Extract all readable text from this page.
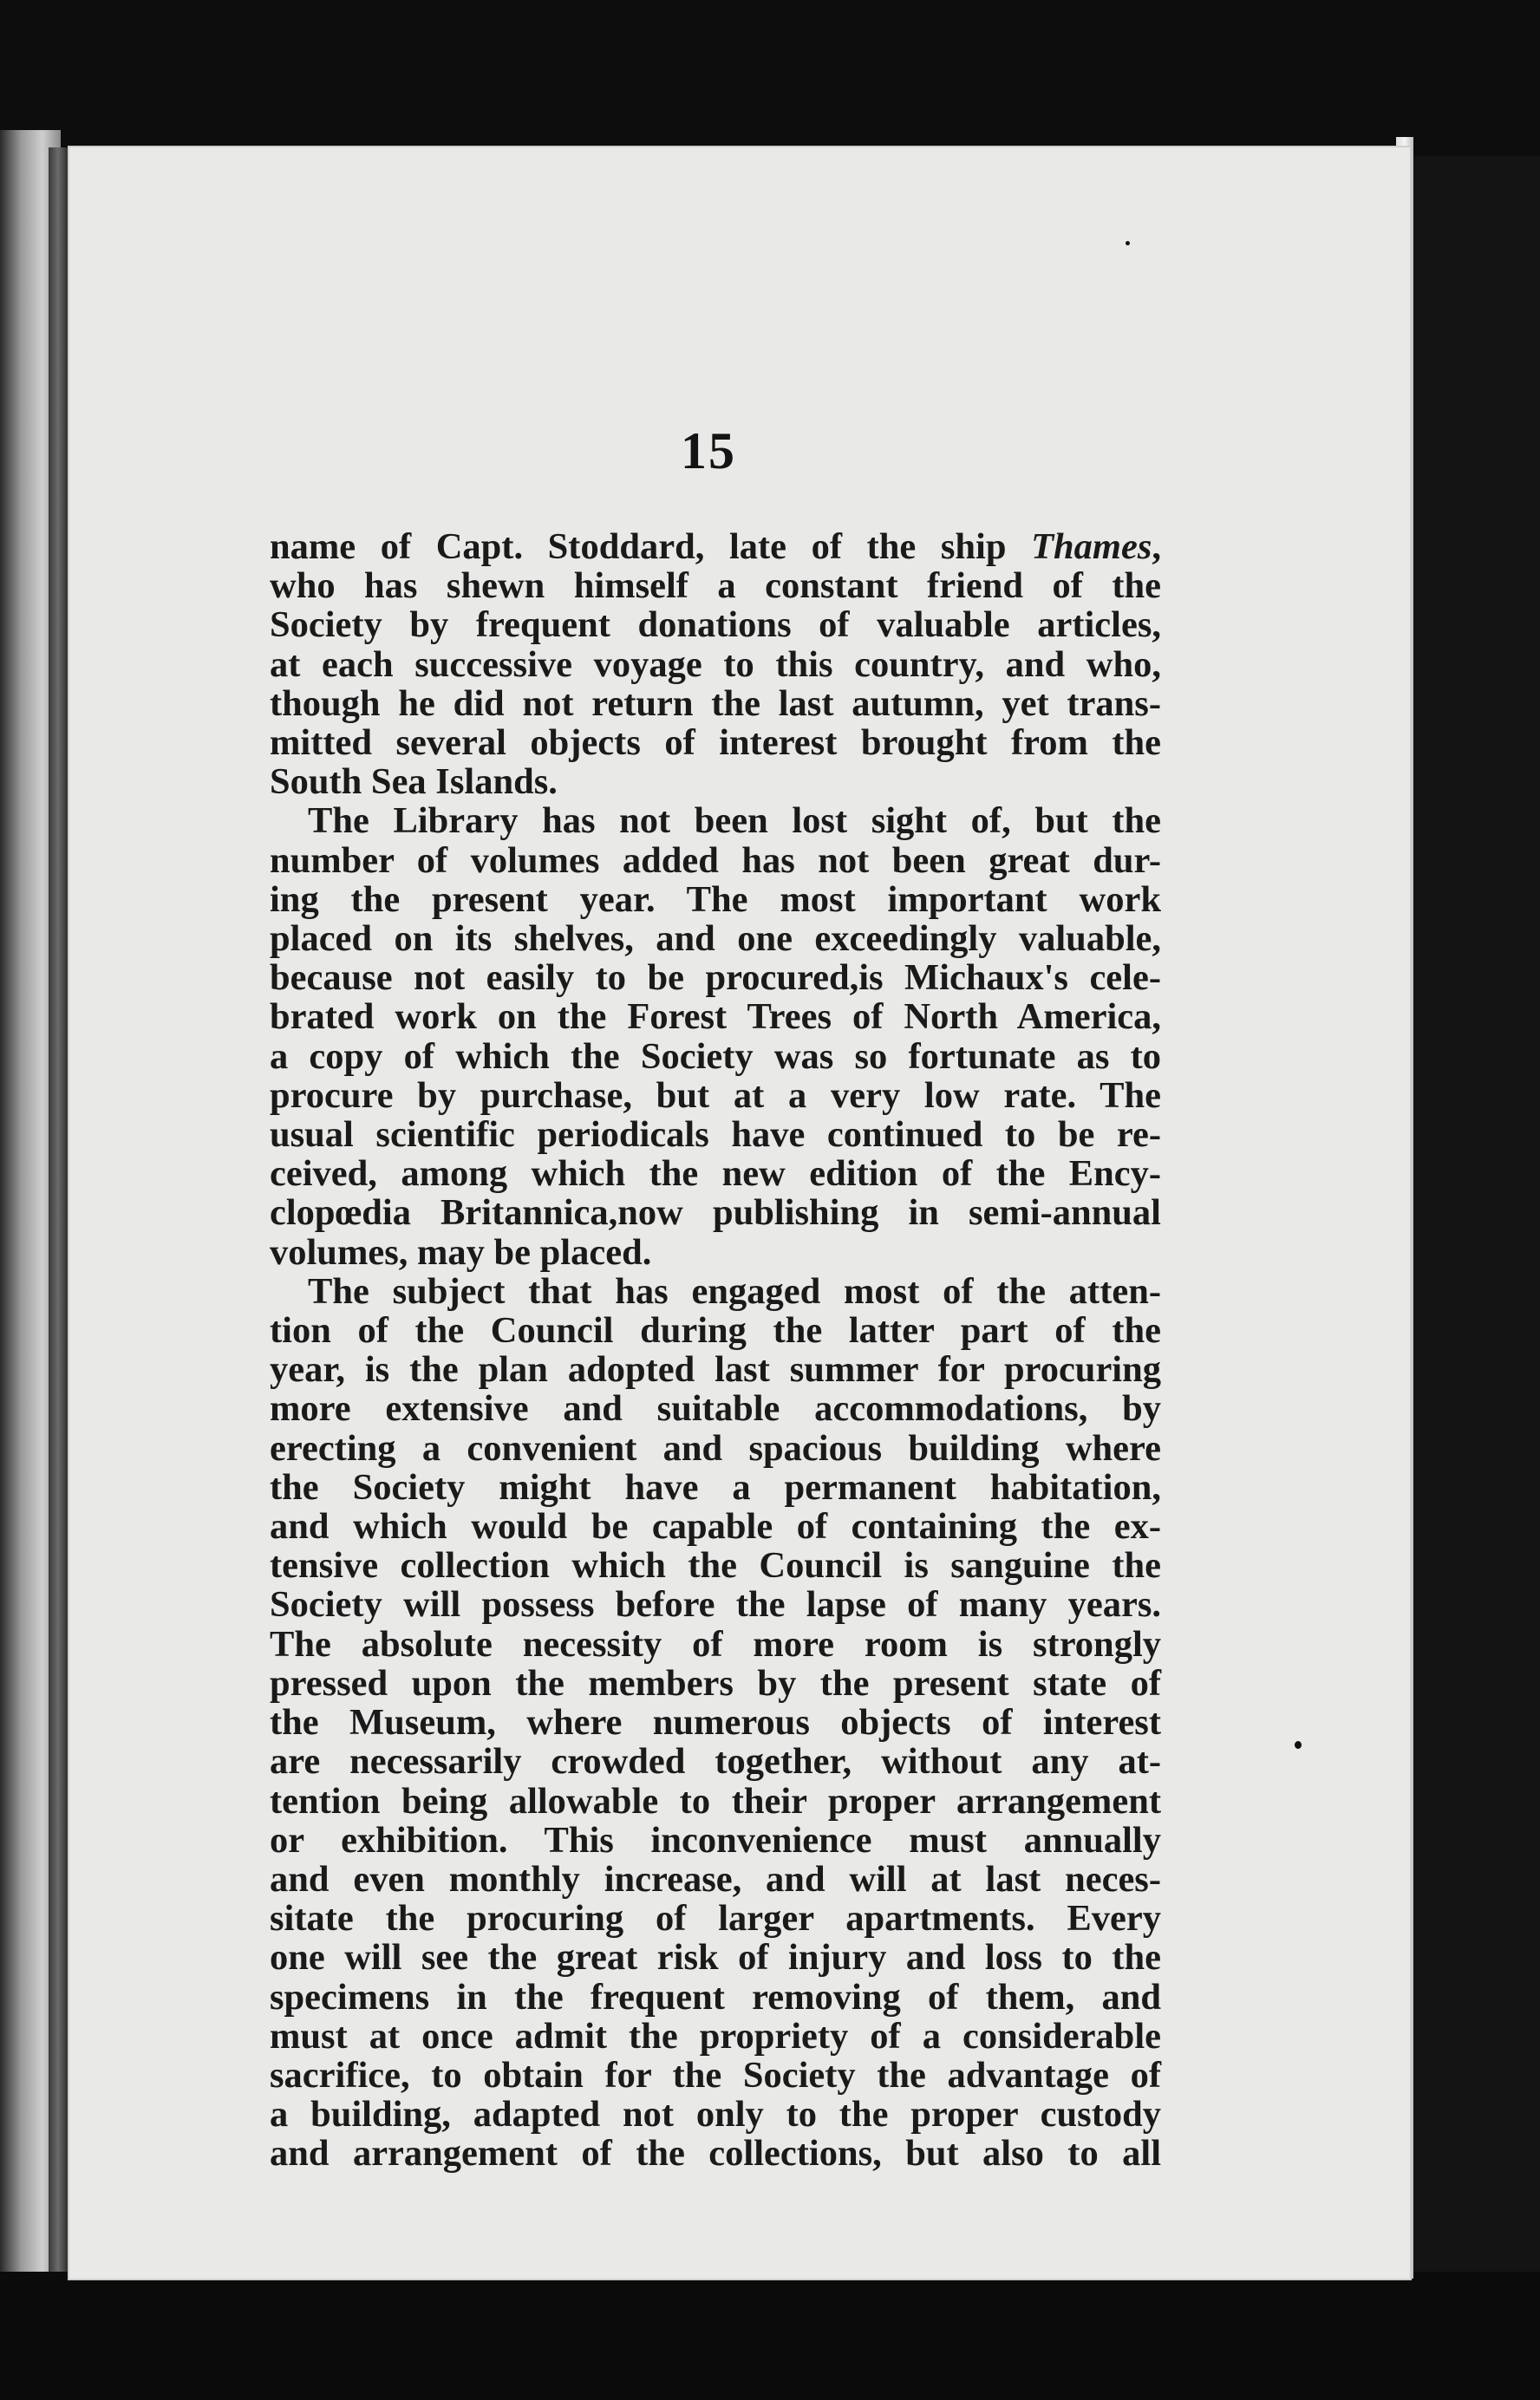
15
name of Capt. Stoddard, late of the ship Thames,
who has shewn himself a constant friend of the
Society by frequent donations of valuable articles,
at each successive voyage to this country, and who,
though he did not return the last autumn, yet trans-
mitted several objects of interest brought from the
South Sea Islands.
The Library has not been lost sight of, but the
number of volumes added has not been great dur-
ing the present year. The most important work
placed on its shelves, and one exceedingly valuable,
because not easily to be procured,is Michaux's cele-
brated work on the Forest Trees of North America,
a copy of which the Society was so fortunate as to
procure by purchase, but at a very low rate. The
usual scientific periodicals have continued to be re-
ceived, among which the new edition of the Ency-
clopœdia Britannica,now publishing in semi-annual
volumes, may be placed.
The subject that has engaged most of the atten-
tion of the Council during the latter part of the
year, is the plan adopted last summer for procuring
more extensive and suitable accommodations, by
erecting a convenient and spacious building where
the Society might have a permanent habitation,
and which would be capable of containing the ex-
tensive collection which the Council is sanguine the
Society will possess before the lapse of many years.
The absolute necessity of more room is strongly
pressed upon the members by the present state of
the Museum, where numerous objects of interest
are necessarily crowded together, without any at-
tention being allowable to their proper arrangement
or exhibition. This inconvenience must annually
and even monthly increase, and will at last neces-
sitate the procuring of larger apartments. Every
one will see the great risk of injury and loss to the
specimens in the frequent removing of them, and
must at once admit the propriety of a considerable
sacrifice, to obtain for the Society the advantage of
a building, adapted not only to the proper custody
and arrangement of the collections, but also to all
